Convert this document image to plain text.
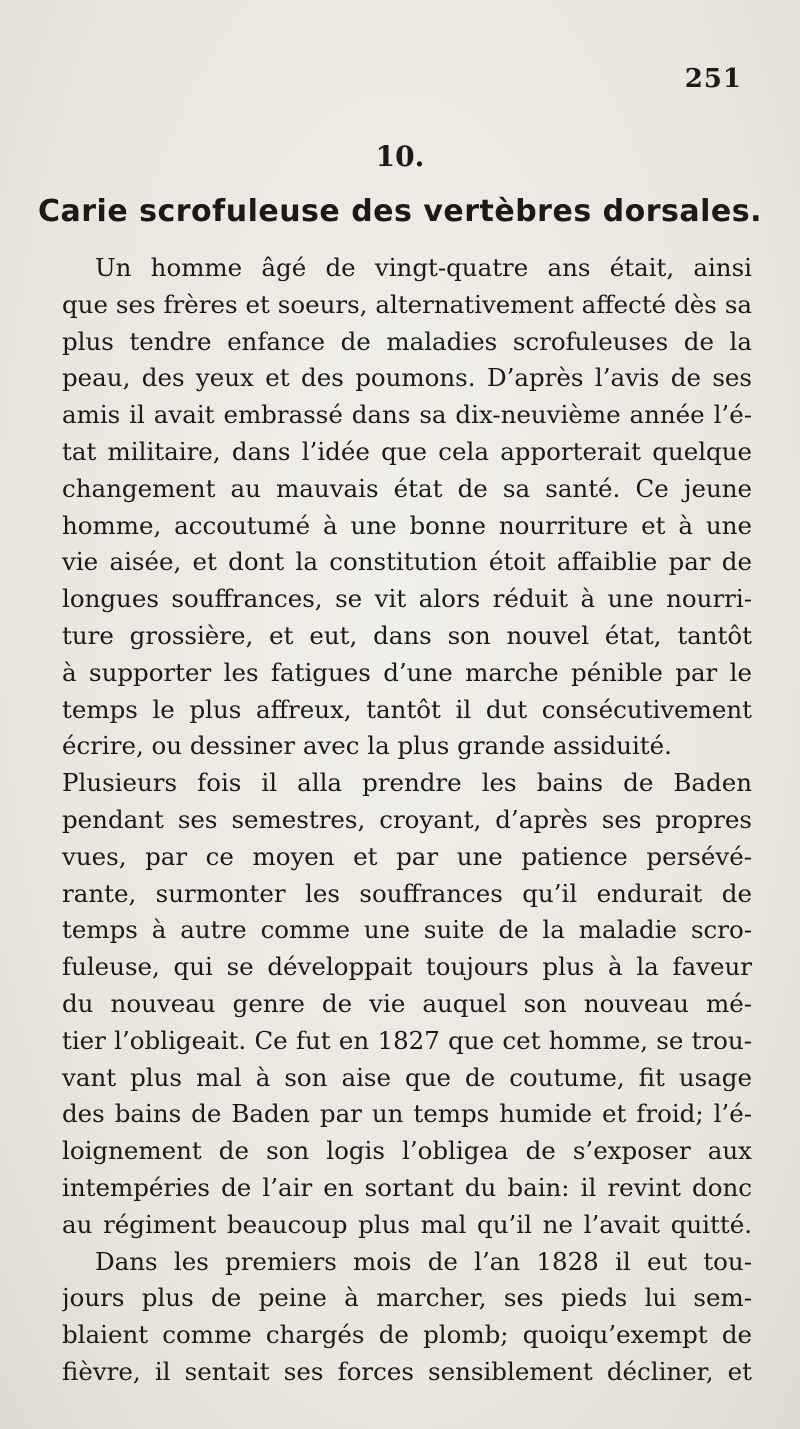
251
10.
Carie scrofuleuse des vertèbres dorsales.
Un homme âgé de vingt-quatre ans était, ainsi
que ses frères et soeurs, alternativement affecté dès sa
plus tendre enfance de maladies scrofuleuses de la
peau, des yeux et des poumons. D’après l’avis de ses
amis il avait embrassé dans sa dix-neuvième année l’é-
tat militaire, dans l’idée que cela apporterait quelque
changement au mauvais état de sa santé. Ce jeune
homme, accoutumé à une bonne nourriture et à une
vie aisée, et dont la constitution étoit affaiblie par de
longues souffrances, se vit alors réduit à une nourri-
ture grossière, et eut, dans son nouvel état, tantôt
à supporter les fatigues d’une marche pénible par le
temps le plus affreux, tantôt il dut consécutivement
écrire, ou dessiner avec la plus grande assiduité.
Plusieurs fois il alla prendre les bains de Baden
pendant ses semestres, croyant, d’après ses propres
vues, par ce moyen et par une patience persévé-
rante, surmonter les souffrances qu’il endurait de
temps à autre comme une suite de la maladie scro-
fuleuse, qui se développait toujours plus à la faveur
du nouveau genre de vie auquel son nouveau mé-
tier l’obligeait. Ce fut en 1827 que cet homme, se trou-
vant plus mal à son aise que de coutume, fit usage
des bains de Baden par un temps humide et froid; l’é-
loignement de son logis l’obligea de s’exposer aux
intempéries de l’air en sortant du bain: il revint donc
au régiment beaucoup plus mal qu’il ne l’avait quitté.
Dans les premiers mois de l’an 1828 il eut tou-
jours plus de peine à marcher, ses pieds lui sem-
blaient comme chargés de plomb; quoiqu’exempt de
fièvre, il sentait ses forces sensiblement décliner, et
